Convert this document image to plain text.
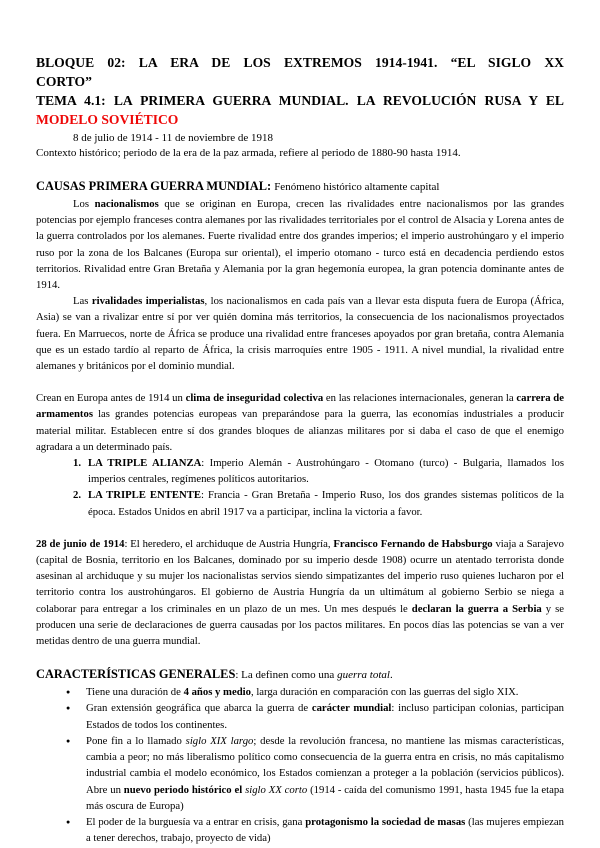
BLOQUE 02: LA ERA DE LOS EXTREMOS 1914-1941. “EL SIGLO XX
CORTO”
TEMA 4.1: LA PRIMERA GUERRA MUNDIAL. LA REVOLUCIÓN RUSA Y EL
MODELO SOVIÉTICO
8 de julio de 1914 - 11 de noviembre de 1918
Contexto histórico; periodo de la era de la paz armada, refiere al periodo de 1880-90 hasta 1914.
CAUSAS PRIMERA GUERRA MUNDIAL: Fenómeno histórico altamente capital
Los nacionalismos que se originan en Europa, crecen las rivalidades entre nacionalismos por las grandes potencias por ejemplo franceses contra alemanes por las rivalidades territoriales por el control de Alsacia y Lorena antes de la guerra controlados por los alemanes. Fuerte rivalidad entre dos grandes imperios; el imperio austrohúngaro y el imperio ruso por la zona de los Balcanes (Europa sur oriental), el imperio otomano - turco está en decadencia perdiendo estos territorios. Rivalidad entre Gran Bretaña y Alemania por la gran hegemonía europea, la gran potencia dominante antes de 1914.
Las rivalidades imperialistas, los nacionalismos en cada país van a llevar esta disputa fuera de Europa (África, Asia) se van a rivalizar entre sí por ver quién domina más territorios, la consecuencia de los nacionalismos proyectados fuera. En Marruecos, norte de África se produce una rivalidad entre franceses apoyados por gran bretaña, contra Alemania que es un estado tardío al reparto de África, la crisis marroquíes entre 1905 - 1911. A nivel mundial, la rivalidad entre alemanes y británicos por el dominio mundial.
Crean en Europa antes de 1914 un clima de inseguridad colectiva en las relaciones internacionales, generan la carrera de armamentos las grandes potencias europeas van preparándose para la guerra, las economías industriales a producir material militar. Establecen entre sí dos grandes bloques de alianzas militares por si daba el caso de que el enemigo agradara a un determinado país.
1. LA TRIPLE ALIANZA: Imperio Alemán - Austrohúngaro - Otomano (turco) - Bulgaria, llamados los imperios centrales, regímenes políticos autoritarios.
2. LA TRIPLE ENTENTE: Francia - Gran Bretaña - Imperio Ruso, los dos grandes sistemas políticos de la época. Estados Unidos en abril 1917 va a participar, inclina la victoria a favor.
28 de junio de 1914: El heredero, el archiduque de Austria Hungría, Francisco Fernando de Habsburgo viaja a Sarajevo (capital de Bosnia, territorio en los Balcanes, dominado por su imperio desde 1908) ocurre un atentado terrorista donde asesinan al archiduque y su mujer los nacionalistas servios siendo simpatizantes del imperio ruso quienes lucharon por el territorio contra los austrohúngaros. El gobierno de Austria Hungría da un ultimátum al gobierno Serbio se niega a colaborar para entregar a los criminales en un plazo de un mes. Un mes después le declaran la guerra a Serbia y se producen una serie de declaraciones de guerra causadas por los pactos militares. En pocos días las potencias se van a ver metidas dentro de una guerra mundial.
CARACTERÍSTICAS GENERALES: La definen como una guerra total.
●	Tiene una duración de 4 años y medio, larga duración en comparación con las guerras del siglo XIX.
●	Gran extensión geográfica que abarca la guerra de carácter mundial: incluso participan colonias, participan Estados de todos los continentes.
●	Pone fin a lo llamado siglo XIX largo; desde la revolución francesa, no mantiene las mismas características, cambia a peor; no más liberalismo político como consecuencia de la guerra entra en crisis, no más capitalismo industrial cambia el modelo económico, los Estados comienzan a proteger a la población (servicios públicos). Abre un nuevo periodo histórico el siglo XX corto (1914 - caída del comunismo 1991, hasta 1945 fue la etapa más oscura de Europa)
●	El poder de la burguesía va a entrar en crisis, gana protagonismo la sociedad de masas (las mujeres empiezan a tener derechos, trabajo, proyecto de vida)
